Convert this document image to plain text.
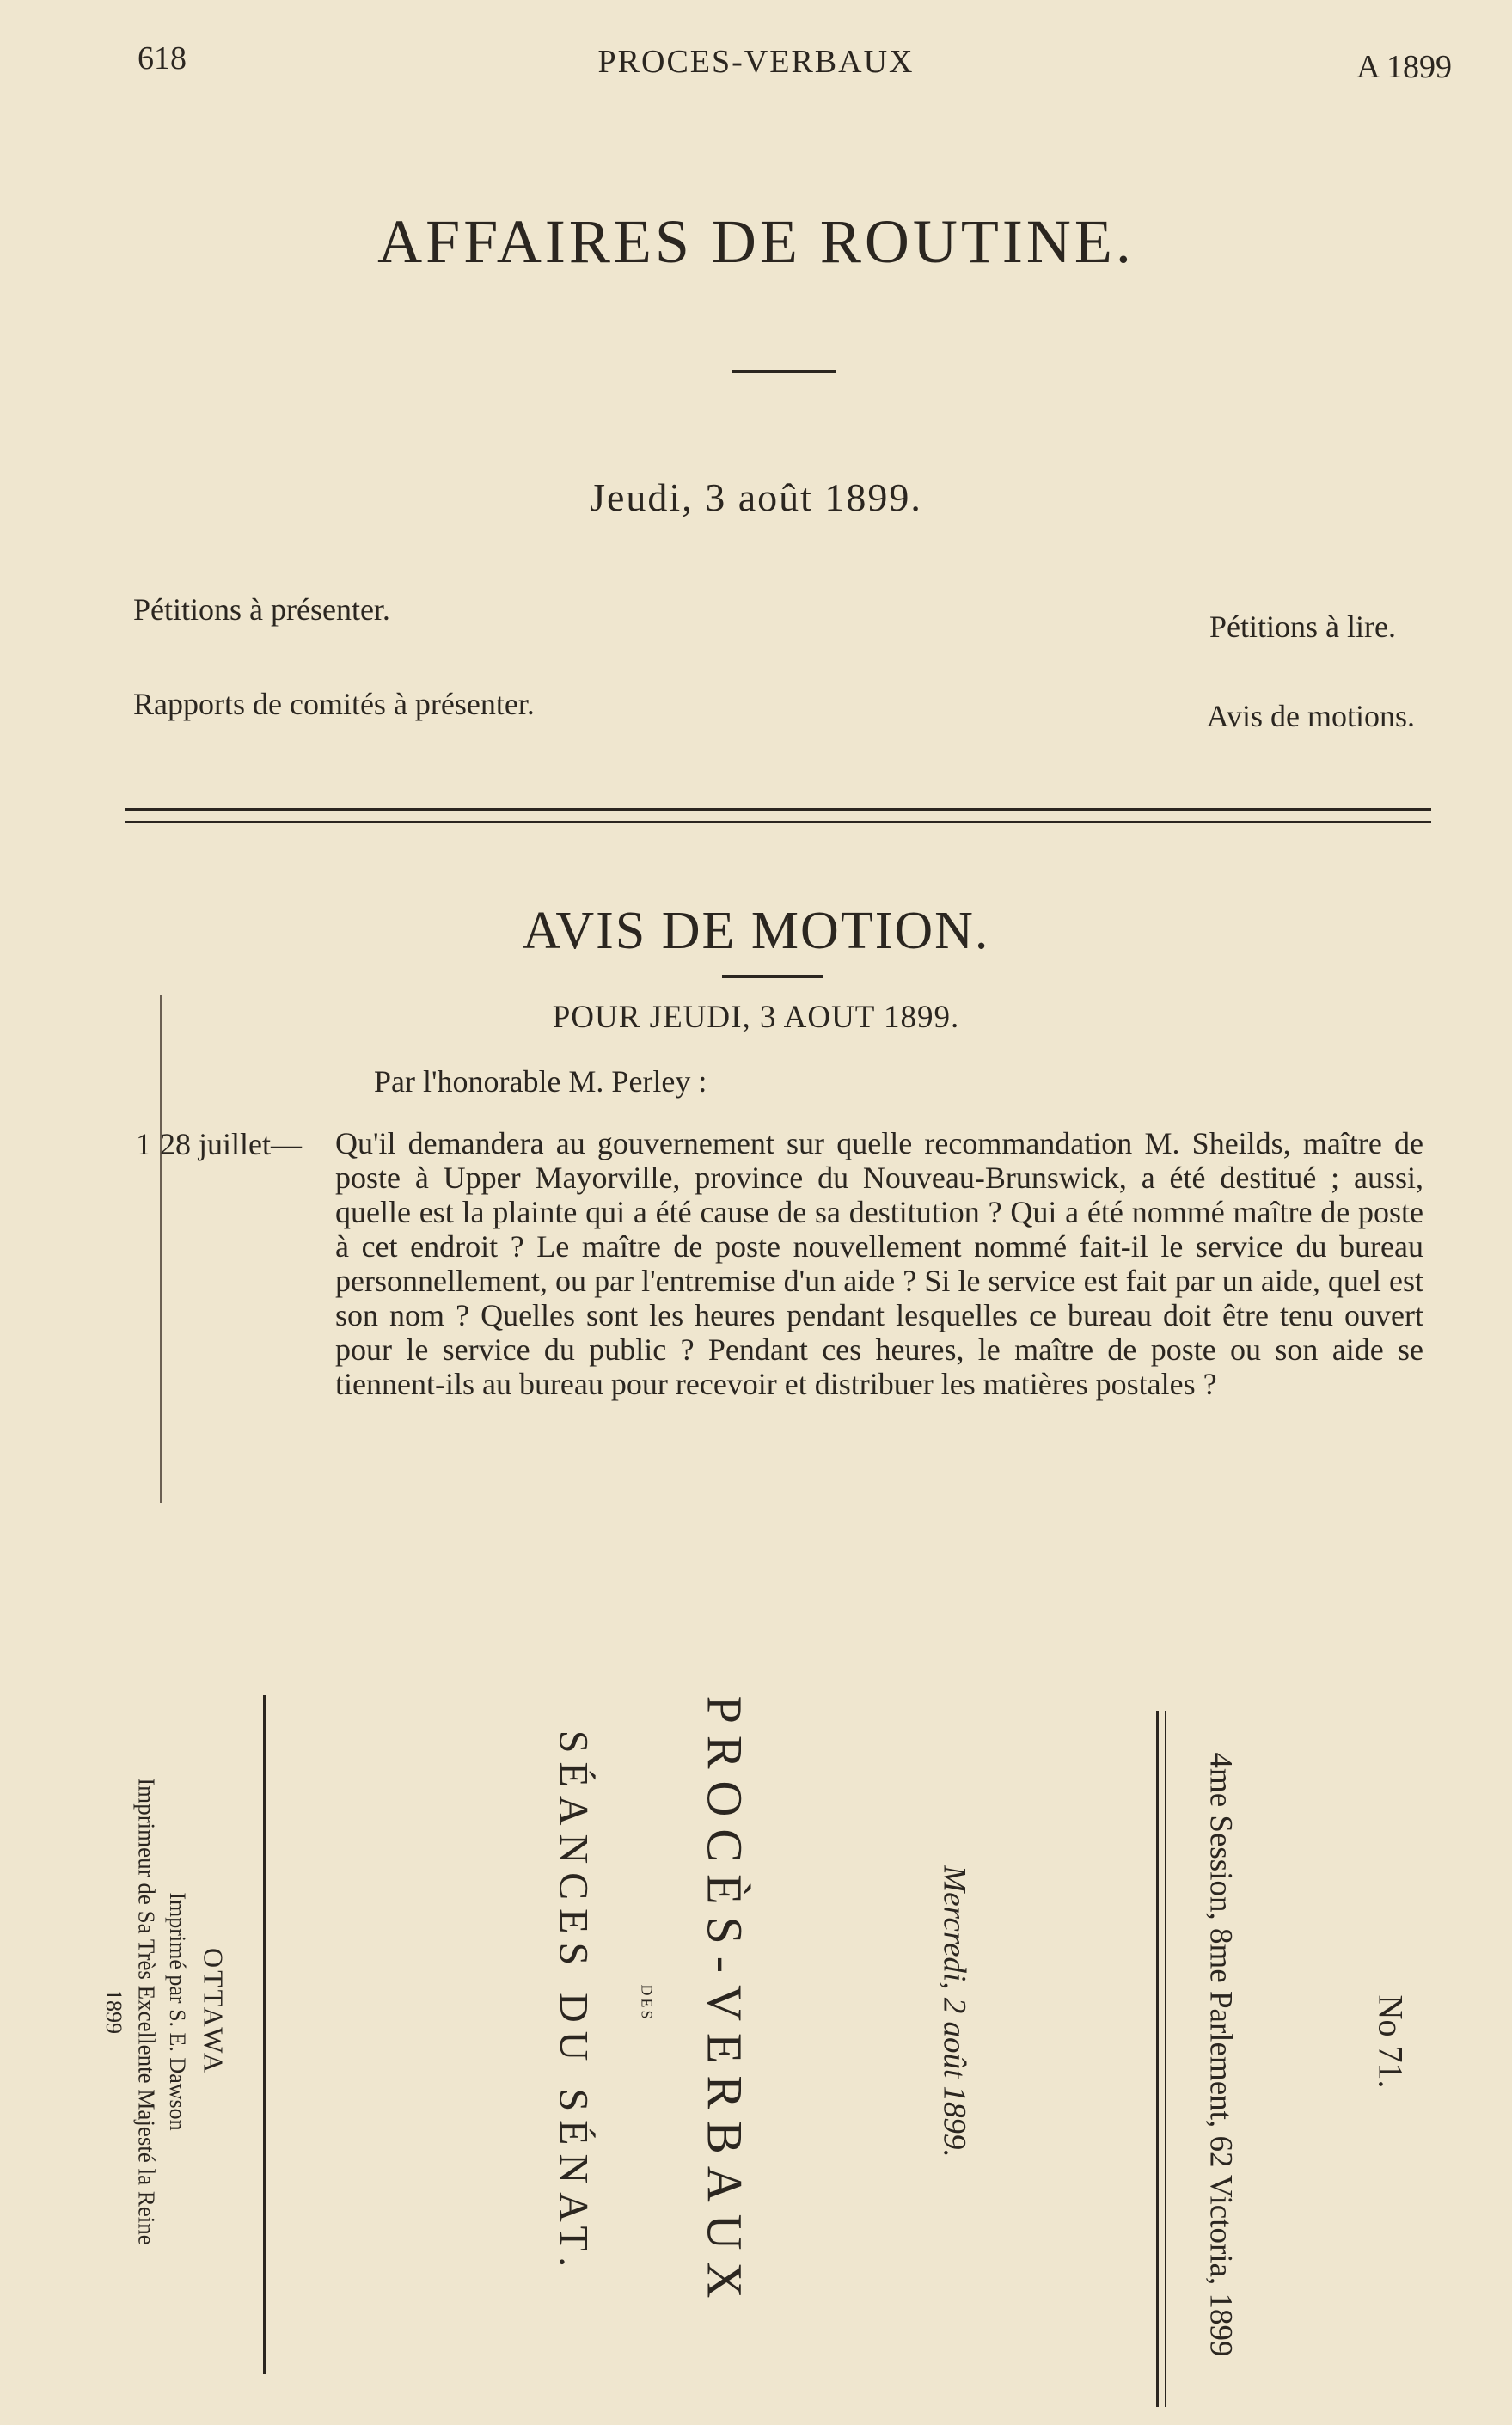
618	PROCES-VERBAUX	A 1899
AFFAIRES DE ROUTINE.
Jeudi, 3 août 1899.
Pétitions à présenter.
Rapports de comités à présenter.
Pétitions à lire.
Avis de motions.
AVIS DE MOTION.
POUR JEUDI, 3 AOUT 1899.
Par l'honorable M. Perley :
1 28 juillet— Qu'il demandera au gouvernement sur quelle recommandation M. Sheilds, maître de poste à Upper Mayorville, province du Nouveau-Brunswick, a été destitué ; aussi, quelle est la plainte qui a été cause de sa destitution ? Qui a été nommé maître de poste à cet endroit ? Le maître de poste nouvellement nommé fait-il le service du bureau personnellement, ou par l'entremise d'un aide ? Si le service est fait par un aide, quel est son nom ? Quelles sont les heures pendant lesquelles ce bureau doit être tenu ouvert pour le service du public ? Pendant ces heures, le maître de poste ou son aide se tiennent-ils au bureau pour recevoir et distribuer les matières postales ?
No 71.
4me Session, 8me Parlement, 62 Victoria, 1899
Mercredi, 2 août 1899.
PROCÈS-VERBAUX
DES
SÉANCES DU SÉNAT.
OTTAWA
Imprimé par S. E. Dawson
Imprimeur de Sa Très Excellente Majesté la Reine
1899
